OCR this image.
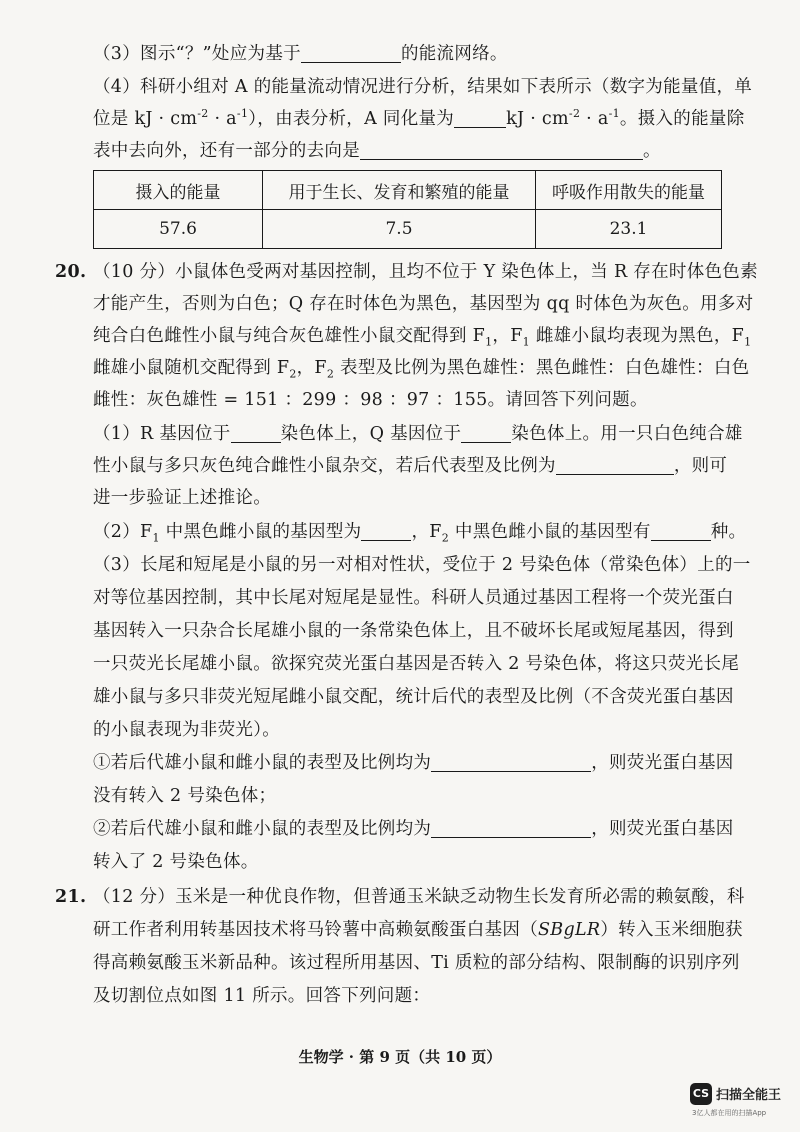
（3）图示“？”处应为基于	的能流网络。
（4）科研小组对 A 的能量流动情况进行分析，结果如下表所示（数字为能量值，单
位是 kJ · $cm^{-2} \cdot a^{-1}$），由表分析，A 同化量为	kJ · $cm^{-2} \cdot a^{-1}$。摄入的能量除
表中去向外，还有一部分的去向是	。
摄入的能量	用于生长、发育和繁殖的能量	呼吸作用散失的能量
57.6	7.5	23.1
20. （10 分）小鼠体色受两对基因控制，且均不位于 Y 染色体上，当 R 存在时体色色素
才能产生，否则为白色；Q 存在时体色为黑色，基因型为 qq 时体色为灰色。用多对
纯合白色雌性小鼠与纯合灰色雄性小鼠交配得到 $F_1$，$F_1$ 雌雄小鼠均表现为黑色，$F_1$
雌雄小鼠随机交配得到 $F_2$，$F_2$ 表型及比例为黑色雄性：黑色雌性：白色雄性：白色
雌性：灰色雄性 = 151 ：299 ：98 ：97 ：155。请回答下列问题。
（1）R 基因位于	染色体上，Q 基因位于	染色体上。用一只白色纯合雄
性小鼠与多只灰色纯合雌性小鼠杂交，若后代表型及比例为	，则可
进一步验证上述推论。
$(2)F_1$ 中黑色雌小鼠的基因型为	，$F_2$ 中黑色雌小鼠的基因型有	种。
（3）长尾和短尾是小鼠的另一对相对性状，受位于 2 号染色体（常染色体）上的一
对等位基因控制，其中长尾对短尾是显性。科研人员通过基因工程将一个荧光蛋白
基因转入一只杂合长尾雄小鼠的一条常染色体上，且不破坏长尾或短尾基因，得到
一只荧光长尾雄小鼠。欲探究荧光蛋白基因是否转入 2 号染色体，将这只荧光长尾
雄小鼠与多只非荧光短尾雌小鼠交配，统计后代的表型及比例（不含荧光蛋白基因
的小鼠表现为非荧光）。
①若后代雄小鼠和雌小鼠的表型及比例均为	，则荧光蛋白基因
没有转入 2 号染色体；
②若后代雄小鼠和雌小鼠的表型及比例均为	，则荧光蛋白基因
转入了 2 号染色体。
21. （12 分）玉米是一种优良作物，但普通玉米缺乏动物生长发育所必需的赖氨酸，科
研工作者利用转基因技术将马铃薯中高赖氨酸蛋白基因（SBgLR）转入玉米细胞获
得高赖氨酸玉米新品种。该过程所用基因、Ti 质粒的部分结构、限制酶的识别序列
及切割位点如图 11 所示。回答下列问题：
生物学 · 第 9 页（共 10 页）
CS 扫描全能王
3亿人都在用的扫描App
